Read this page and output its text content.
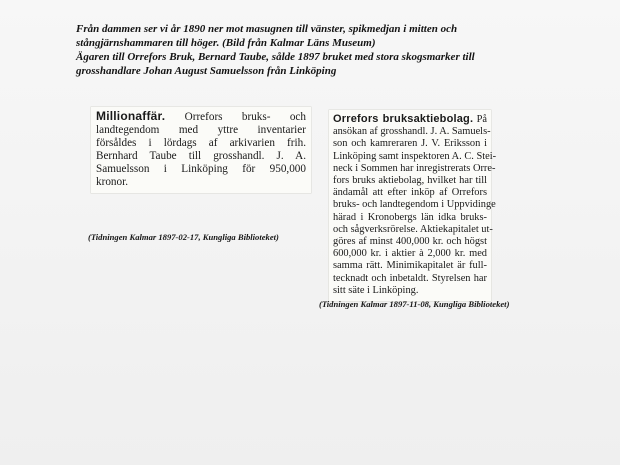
Från dammen ser vi år 1890 ner mot masugnen till vänster, spikmedjan i mitten och
stångjärnshammaren till höger. (Bild från Kalmar Läns Museum)
Ägaren till Orrefors Bruk, Bernard Taube, sålde 1897 bruket med stora skogsmarker till
grosshandlare Johan August Samuelsson från Linköping
Millionaffär. Orrefors bruks- och
landtegendom med yttre inventarier
försåldes i lördags af arkivarien frih.
Bernhard Taube till grosshandl. J. A.
Samuelsson i Linköping för 950,000
kronor.
(Tidningen Kalmar 1897-02-17, Kungliga Biblioteket)
Orrefors bruksaktiebolag. På
ansökan af grosshandl. J. A. Samuels-
son och kamreraren J. V. Eriksson i
Linköping samt inspektoren A. C. Stei-
neck i Sommen har inregistrerats Orre-
fors bruks aktiebolag, hvilket har till
ändamål att efter inköp af Orrefors
bruks- och landtegendom i Uppvidinge
härad i Kronobergs län idka bruks-
och sågverksrörelse. Aktiekapitalet ut-
göres af minst 400,000 kr. och högst
600,000 kr. i aktier à 2,000 kr. med
samma rätt. Minimikapitalet är full-
tecknadt och inbetaldt. Styrelsen har
sitt säte i Linköping.
(Tidningen Kalmar 1897-11-08, Kungliga Biblioteket)
